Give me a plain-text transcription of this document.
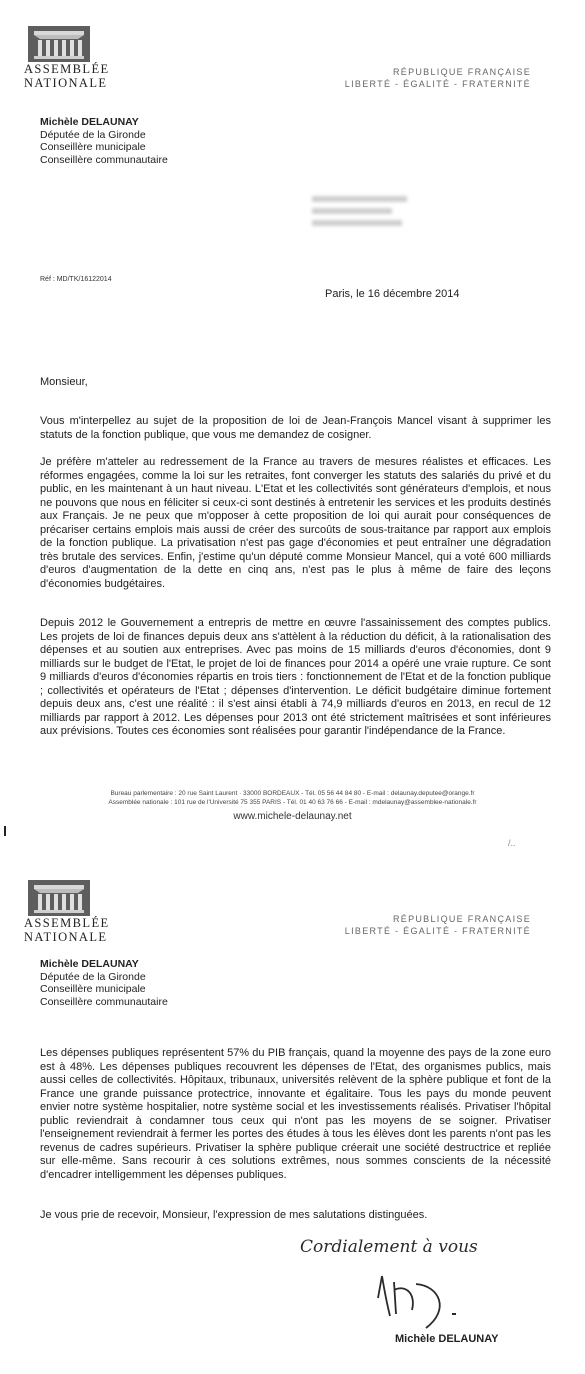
ASSEMBLÉE
NATIONALE
RÉPUBLIQUE FRANÇAISE
LIBERTÉ - ÉGALITÉ - FRATERNITÉ
Michèle DELAUNAY
Députée de la Gironde
Conseillère municipale
Conseillère communautaire
Réf : MD/TK/16122014
Paris, le 16 décembre 2014
Monsieur,
Vous m'interpellez au sujet de la proposition de loi de Jean-François Mancel visant à supprimer les statuts de la fonction publique, que vous me demandez de cosigner.
Je préfère m'atteler au redressement de la France au travers de mesures réalistes et efficaces. Les réformes engagées, comme la loi sur les retraites, font converger les statuts des salariés du privé et du public, en les maintenant à un haut niveau. L'Etat et les collectivités sont générateurs d'emplois, et nous ne pouvons que nous en féliciter si ceux-ci sont destinés à entretenir les services et les produits destinés aux Français. Je ne peux que m'opposer à cette proposition de loi qui aurait pour conséquences de précariser certains emplois mais aussi de créer des surcoûts de sous-traitance par rapport aux emplois de la fonction publique. La privatisation n'est pas gage d'économies et peut entraîner une dégradation très brutale des services. Enfin, j'estime qu'un député comme Monsieur Mancel, qui a voté 600 milliards d'euros d'augmentation de la dette en cinq ans, n'est pas le plus à même de faire des leçons d'économies budgétaires.
Depuis 2012 le Gouvernement a entrepris de mettre en œuvre l'assainissement des comptes publics. Les projets de loi de finances depuis deux ans s'attèlent à la réduction du déficit, à la rationalisation des dépenses et au soutien aux entreprises. Avec pas moins de 15 milliards d'euros d'économies, dont 9 milliards sur le budget de l'Etat, le projet de loi de finances pour 2014 a opéré une vraie rupture. Ce sont 9 milliards d'euros d'économies répartis en trois tiers : fonctionnement de l'Etat et de la fonction publique ; collectivités et opérateurs de l'Etat ; dépenses d'intervention. Le déficit budgétaire diminue fortement depuis deux ans, c'est une réalité : il s'est ainsi établi à 74,9 milliards d'euros en 2013, en recul de 12 milliards par rapport à 2012. Les dépenses pour 2013 ont été strictement maîtrisées et sont inférieures aux prévisions. Toutes ces économies sont réalisées pour garantir l'indépendance de la France.
Bureau parlementaire : 20 rue Saint Laurent · 33000 BORDEAUX - Tél. 05 56 44 84 80 - E-mail : delaunay.deputee@orange.fr
Assemblée nationale : 101 rue de l'Université 75 355 PARIS - Tél. 01 40 63 76 66 - E-mail : mdelaunay@assemblee-nationale.fr
www.michele-delaunay.net
/..
ASSEMBLÉE
NATIONALE
RÉPUBLIQUE FRANÇAISE
LIBERTÉ - ÉGALITÉ - FRATERNITÉ
Michèle DELAUNAY
Députée de la Gironde
Conseillère municipale
Conseillère communautaire
Les dépenses publiques représentent 57% du PIB français, quand la moyenne des pays de la zone euro est à 48%. Les dépenses publiques recouvrent les dépenses de l'Etat, des organismes publics, mais aussi celles de collectivités. Hôpitaux, tribunaux, universités relèvent de la sphère publique et font de la France une grande puissance protectrice, innovante et égalitaire. Tous les pays du monde peuvent envier notre système hospitalier, notre système social et les investissements réalisés. Privatiser l'hôpital public reviendrait à condamner tous ceux qui n'ont pas les moyens de se soigner. Privatiser l'enseignement reviendrait à fermer les portes des études à tous les élèves dont les parents n'ont pas les revenus de cadres supérieurs. Privatiser la sphère publique créerait une société destructrice et repliée sur elle-même. Sans recourir à ces solutions extrêmes, nous sommes conscients de la nécessité d'encadrer intelligemment les dépenses publiques.
Je vous prie de recevoir, Monsieur, l'expression de mes salutations distinguées.
Cordialement à vous
Michèle DELAUNAY
